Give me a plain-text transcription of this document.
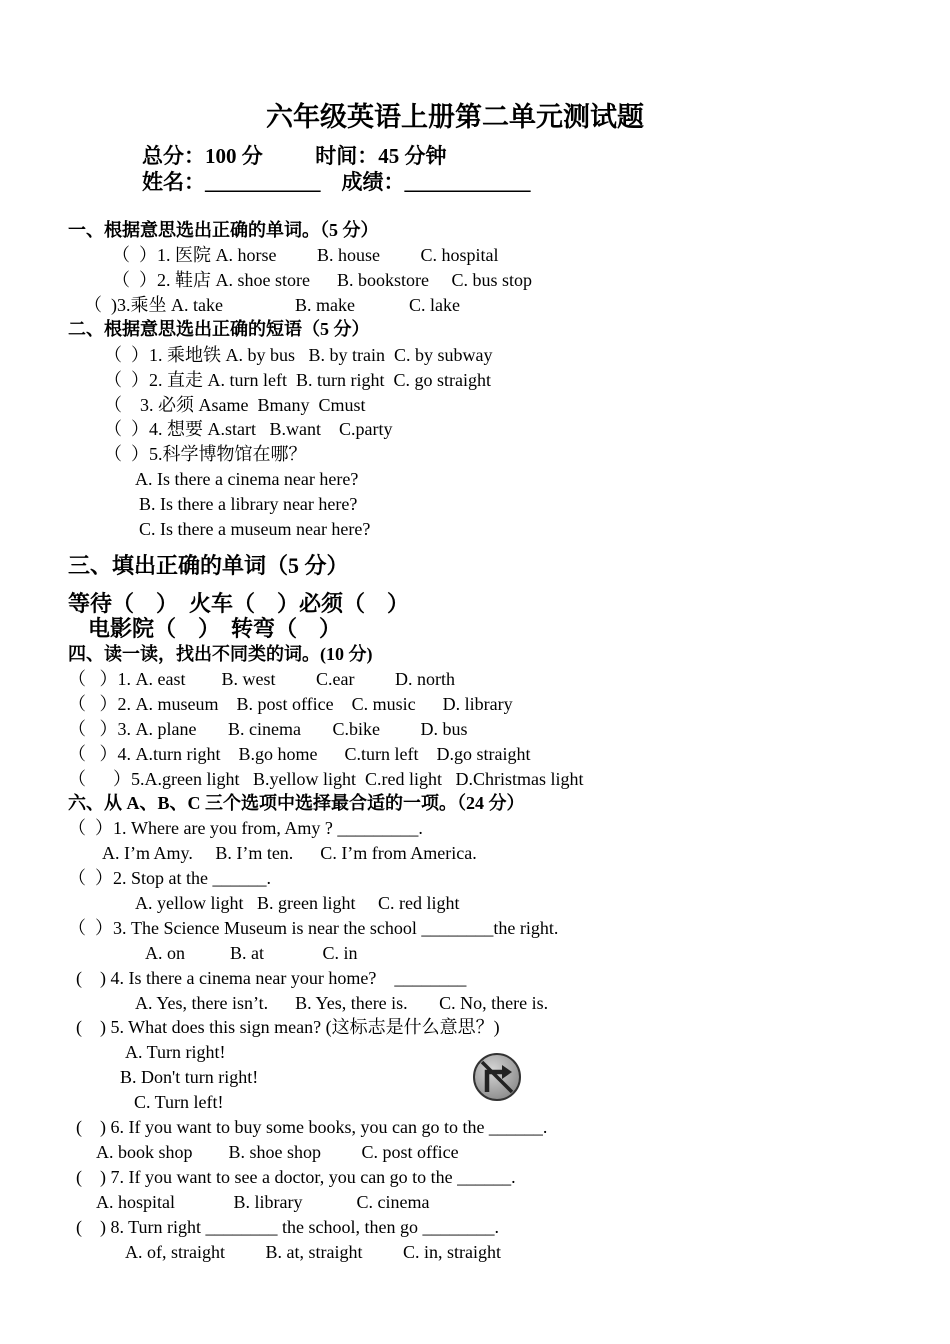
六年级英语上册第二单元测试题
总分：100 分          时间：45 分钟
姓名：___________    成绩：____________
一、根据意思选出正确的单词。（5 分）
（  ）1. 医院 A. horse         B. house         C. hospital
（  ）2. 鞋店 A. shoe store      B. bookstore     C. bus stop
（  )3.乘坐 A. take                B. make            C. lake
二、根据意思选出正确的短语（5 分）
（  ）1. 乘地铁 A. by bus   B. by train  C. by subway
（  ）2. 直走 A. turn left  B. turn right  C. go straight
（    3. 必须 Asame  Bmany  Cmust
（  ）4. 想要 A.start   B.want    C.party
（  ）5.科学博物馆在哪？
A. Is there a cinema near here?
B. Is there a library near here?
C. Is there a museum near here?
三、填出正确的单词（5 分）
等待（    ）  火车（    ）必须（    ）
电影院（    ）  转弯（    ）
四、读一读，找出不同类的词。(10 分)
（   ）1. A. east        B. west         C.ear         D. north
（   ）2. A. museum    B. post office    C. music      D. library
（   ）3. A. plane       B. cinema       C.bike         D. bus
（   ）4. A.turn right    B.go home      C.turn left    D.go straight
（      ）5.A.green light   B.yellow light  C.red light   D.Christmas light
六、从 A、B、C 三个选项中选择最合适的一项。（24 分）
（  ）1. Where are you from, Amy ? _________.
A. I’m Amy.     B. I’m ten.      C. I’m from America.
（  ）2. Stop at the ______.
A. yellow light   B. green light     C. red light
（  ）3. The Science Museum is near the school ________the right.
A. on          B. at             C. in
(    ) 4. Is there a cinema near your home?    ________
A. Yes, there isn’t.      B. Yes, there is.       C. No, there is.
(    ) 5. What does this sign mean? (这标志是什么意思？)
A. Turn right!
B. Don't turn right!
C. Turn left!
(    ) 6. If you want to buy some books, you can go to the ______.
A. book shop        B. shoe shop         C. post office
(    ) 7. If you want to see a doctor, you can go to the ______.
A. hospital             B. library            C. cinema
(    ) 8. Turn right ________ the school, then go ________.
A. of, straight         B. at, straight         C. in, straight
